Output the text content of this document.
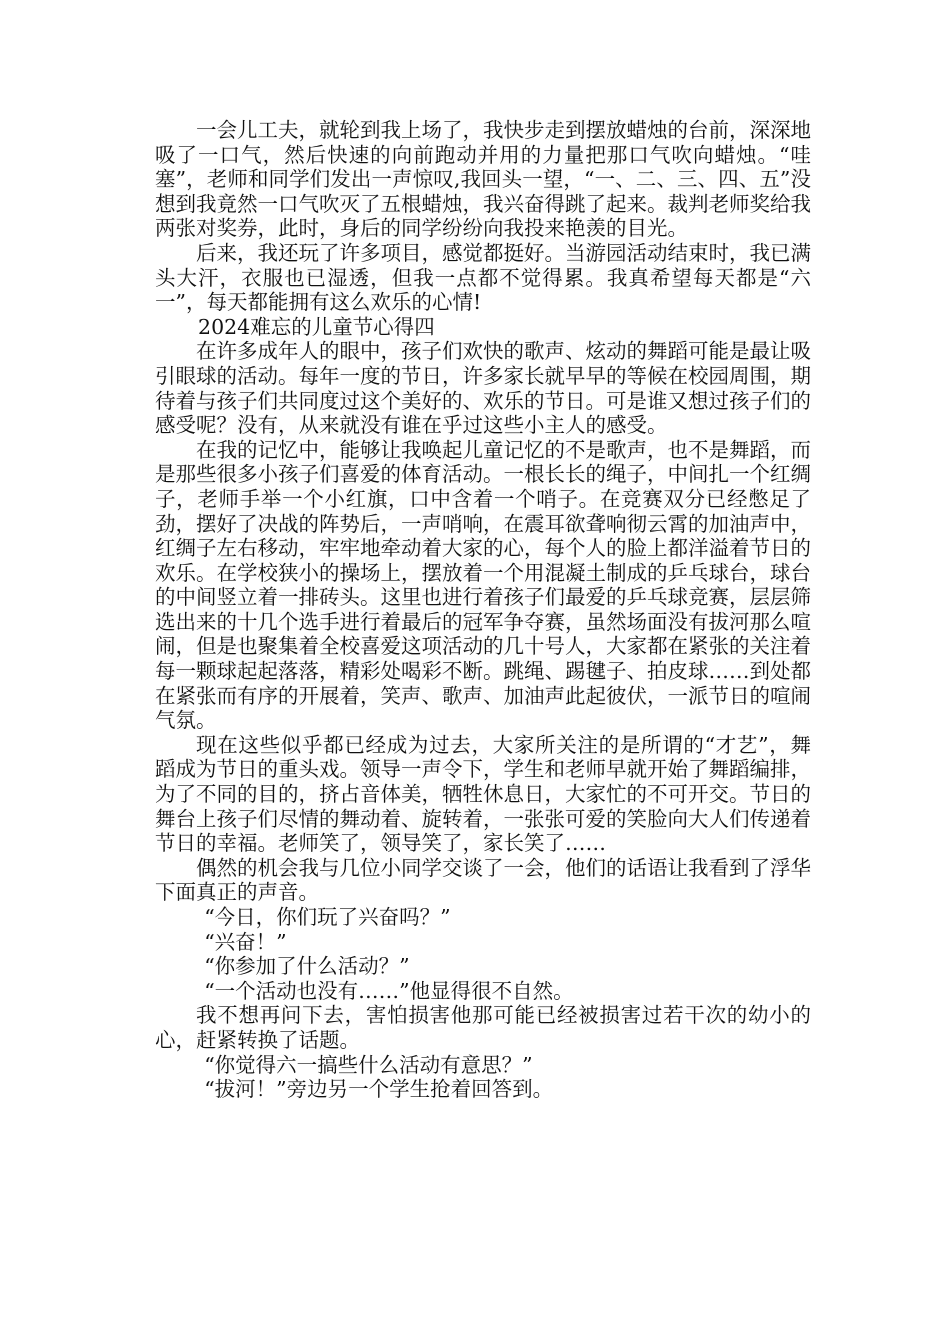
一会儿工夫，就轮到我上场了，我快步走到摆放蜡烛的台前，深深地吸了一口气，然后快速的向前跑动并用的力量把那口气吹向蜡烛。“哇塞”，老师和同学们发出一声惊叹,我回头一望，“一、二、三、四、五”没想到我竟然一口气吹灭了五根蜡烛，我兴奋得跳了起来。裁判老师奖给我两张对奖券，此时，身后的同学纷纷向我投来艳羡的目光。

后来，我还玩了许多项目，感觉都挺好。当游园活动结束时，我已满头大汗，衣服也已湿透，但我一点都不觉得累。我真希望每天都是“六一”，每天都能拥有这么欢乐的心情!

2024难忘的儿童节心得四

在许多成年人的眼中，孩子们欢快的歌声、炫动的舞蹈可能是最让吸引眼球的活动。每年一度的节日，许多家长就早早的等候在校园周围，期待着与孩子们共同度过这个美好的、欢乐的节日。可是谁又想过孩子们的感受呢？没有，从来就没有谁在乎过这些小主人的感受。

在我的记忆中，能够让我唤起儿童记忆的不是歌声，也不是舞蹈，而是那些很多小孩子们喜爱的体育活动。一根长长的绳子，中间扎一个红绸子，老师手举一个小红旗，口中含着一个哨子。在竞赛双分已经憋足了劲，摆好了决战的阵势后，一声哨响，在震耳欲聋响彻云霄的加油声中，红绸子左右移动，牢牢地牵动着大家的心，每个人的脸上都洋溢着节日的欢乐。在学校狭小的操场上，摆放着一个用混凝土制成的乒乓球台，球台的中间竖立着一排砖头。这里也进行着孩子们最爱的乒乓球竞赛，层层筛选出来的十几个选手进行着最后的冠军争夺赛，虽然场面没有拔河那么喧闹，但是也聚集着全校喜爱这项活动的几十号人，大家都在紧张的关注着每一颗球起起落落，精彩处喝彩不断。跳绳、踢毽子、拍皮球……到处都在紧张而有序的开展着，笑声、歌声、加油声此起彼伏，一派节日的喧闹气氛。

现在这些似乎都已经成为过去，大家所关注的是所谓的“才艺”，舞蹈成为节日的重头戏。领导一声令下，学生和老师早就开始了舞蹈编排，为了不同的目的，挤占音体美，牺牲休息日，大家忙的不可开交。节日的舞台上孩子们尽情的舞动着、旋转着，一张张可爱的笑脸向大人们传递着节日的幸福。老师笑了，领导笑了，家长笑了……

偶然的机会我与几位小同学交谈了一会，他们的话语让我看到了浮华下面真正的声音。

“今日，你们玩了兴奋吗？”

“兴奋！”

“你参加了什么活动？”

“一个活动也没有……”他显得很不自然。

我不想再问下去，害怕损害他那可能已经被损害过若干次的幼小的心，赶紧转换了话题。

“你觉得六一搞些什么活动有意思？”

“拔河！”旁边另一个学生抢着回答到。
